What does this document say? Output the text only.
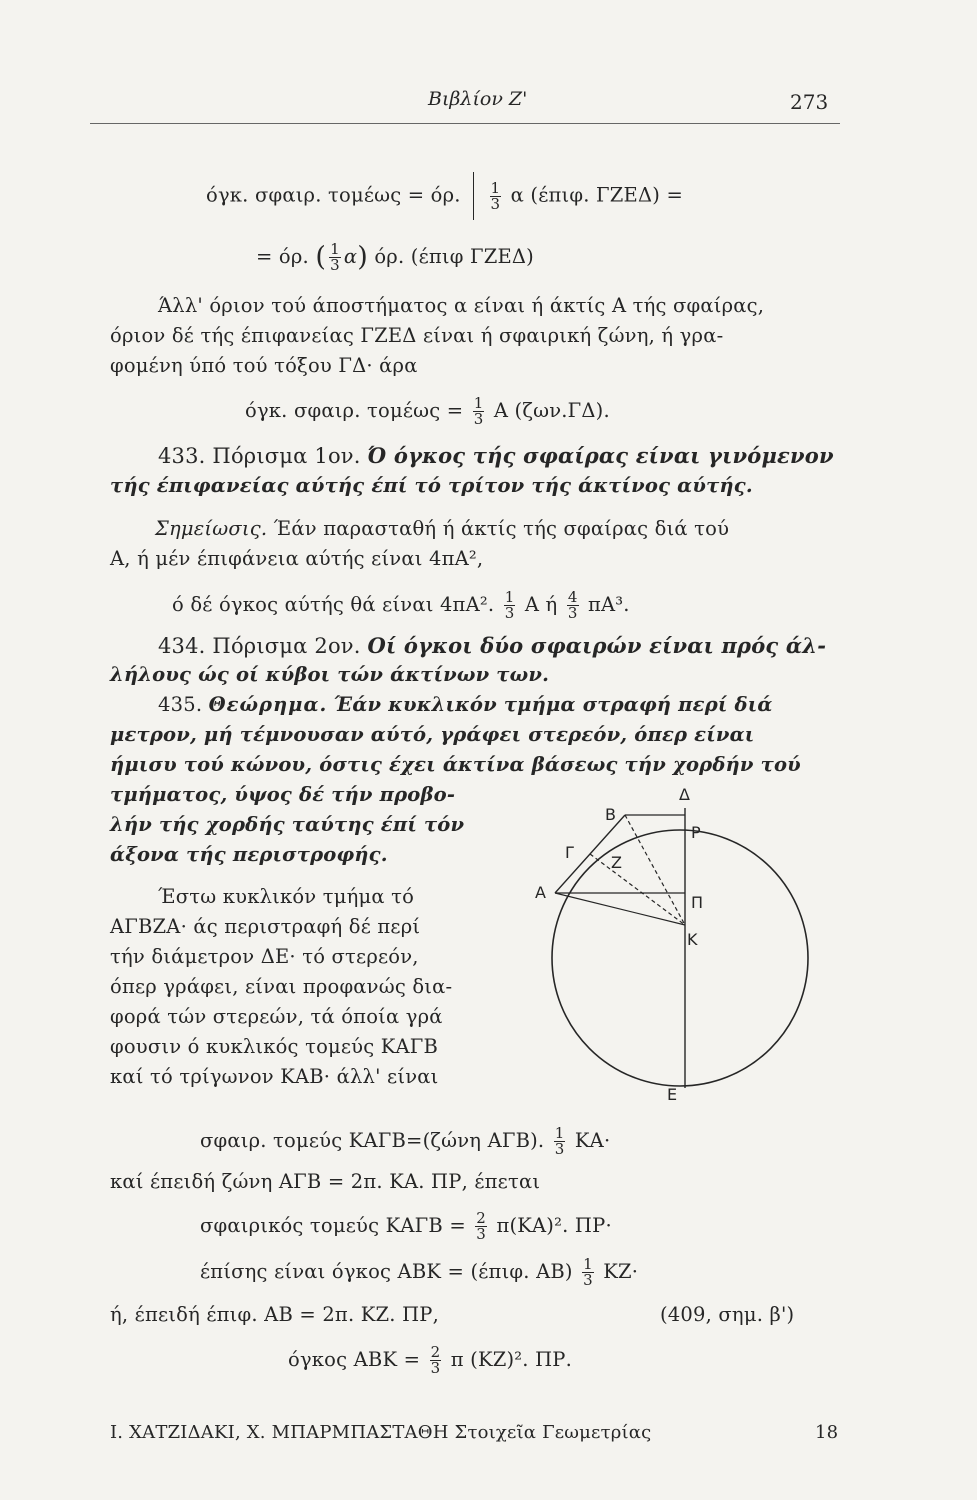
Βιβλίον Ζ'	273
όγκ. σφαιρ. τομέως = όρ. $\frac{1}{3}$ α (έπιφ. ΓΖΕΔ) =
= όρ. ( $\frac{1}{3} \alpha$) όρ. (έπιφ ΓΖΕΔ)
Άλλ' όριον τού άποστήματος α είναι ή άκτίς Α τής σφαίρας,
όριον δέ τής έπιφανείας ΓΖΕΔ είναι ή σφαιρική ζώνη, ή γρα-
φομένη ύπό τού τόξου ΓΔ· άρα
όγκ. σφαιρ. $\tau o\mu έ\omega\varsigma = \frac{1}{3}$ Α (ζων.ΓΔ).
433. Πόρισμα 1ον. Ό όγκος τής σφαίρας είναι γινόμενον
τής έπιφανείας αύτής έπί τό τρίτον τής άκτίνος αύτής.
Σημείωσις. Έάν παρασταθή ή άκτίς τής σφαίρας διά τού
Α, ή μέν έπιφάνεια αύτής είναι 4πΑ²,
ό δέ όγκος αύτής θά είναι 4πΑ². $\frac{1}{3}$ Α ή $\frac{4}{3} \pi A^3$.
434. Πόρισμα 2ον. Οί όγκοι δύο σφαιρών είναι πρός άλ-
λήλους ώς οί κύβοι τών άκτίνων των.
435. Θεώρημα. Έάν κυκλικόν τμήμα στραφή περί διά
μετρον, μή τέμνουσαν αύτό, γράφει στερεόν, όπερ είναι
ήμισυ τού κώνου, όστις έχει άκτίνα βάσεως τήν χορδήν τού
τμήματος, ύψος δέ τήν προβο-
λήν τής χορδής ταύτης έπί τόν
άξονα τής περιστροφής.
Έστω κυκλικόν τμήμα τό
ΑΓΒΖΑ· άς περιστραφή δέ περί
τήν διάμετρον ΔΕ· τό στερεόν,
όπερ γράφει, είναι προφανώς δια-
φορά τών στερεών, τά όποία γρά
φουσιν ό κυκλικός τομεύς ΚΑΓΒ
καί τό τρίγωνον ΚΑΒ· άλλ' είναι
Δ
Β
Ρ
Γ
Ζ
Α
Π
Κ
Ε
σφαιρ. τομεύς ΚΑΓΒ=(ζώνη ΑΓΒ). $\frac{1}{3} KA\cdot$
καί έπειδή ζώνη ΑΓΒ = 2π. ΚΑ. ΠΡ, έπεται
σφαιρικός τομεύς $KA\Gamma B = \frac{2}{3} \pi(KA)^2$. ΠΡ·
έπίσης είναι όγκος ΑΒΚ = (έπιφ. $AB) \frac{1}{3} KZ\cdot$
ή, έπειδή έπιφ. ΑΒ = 2π. ΚΖ. ΠΡ,	(409, σημ. β')
όγκος $ABK = \frac{2}{3}$ π (ΚΖ)². ΠΡ.
Ι. ΧΑΤΖΙΔΑΚΙ, Χ. ΜΠΑΡΜΠΑΣΤΑΘΗ Στοιχεῖα Γεωμετρίας	18
